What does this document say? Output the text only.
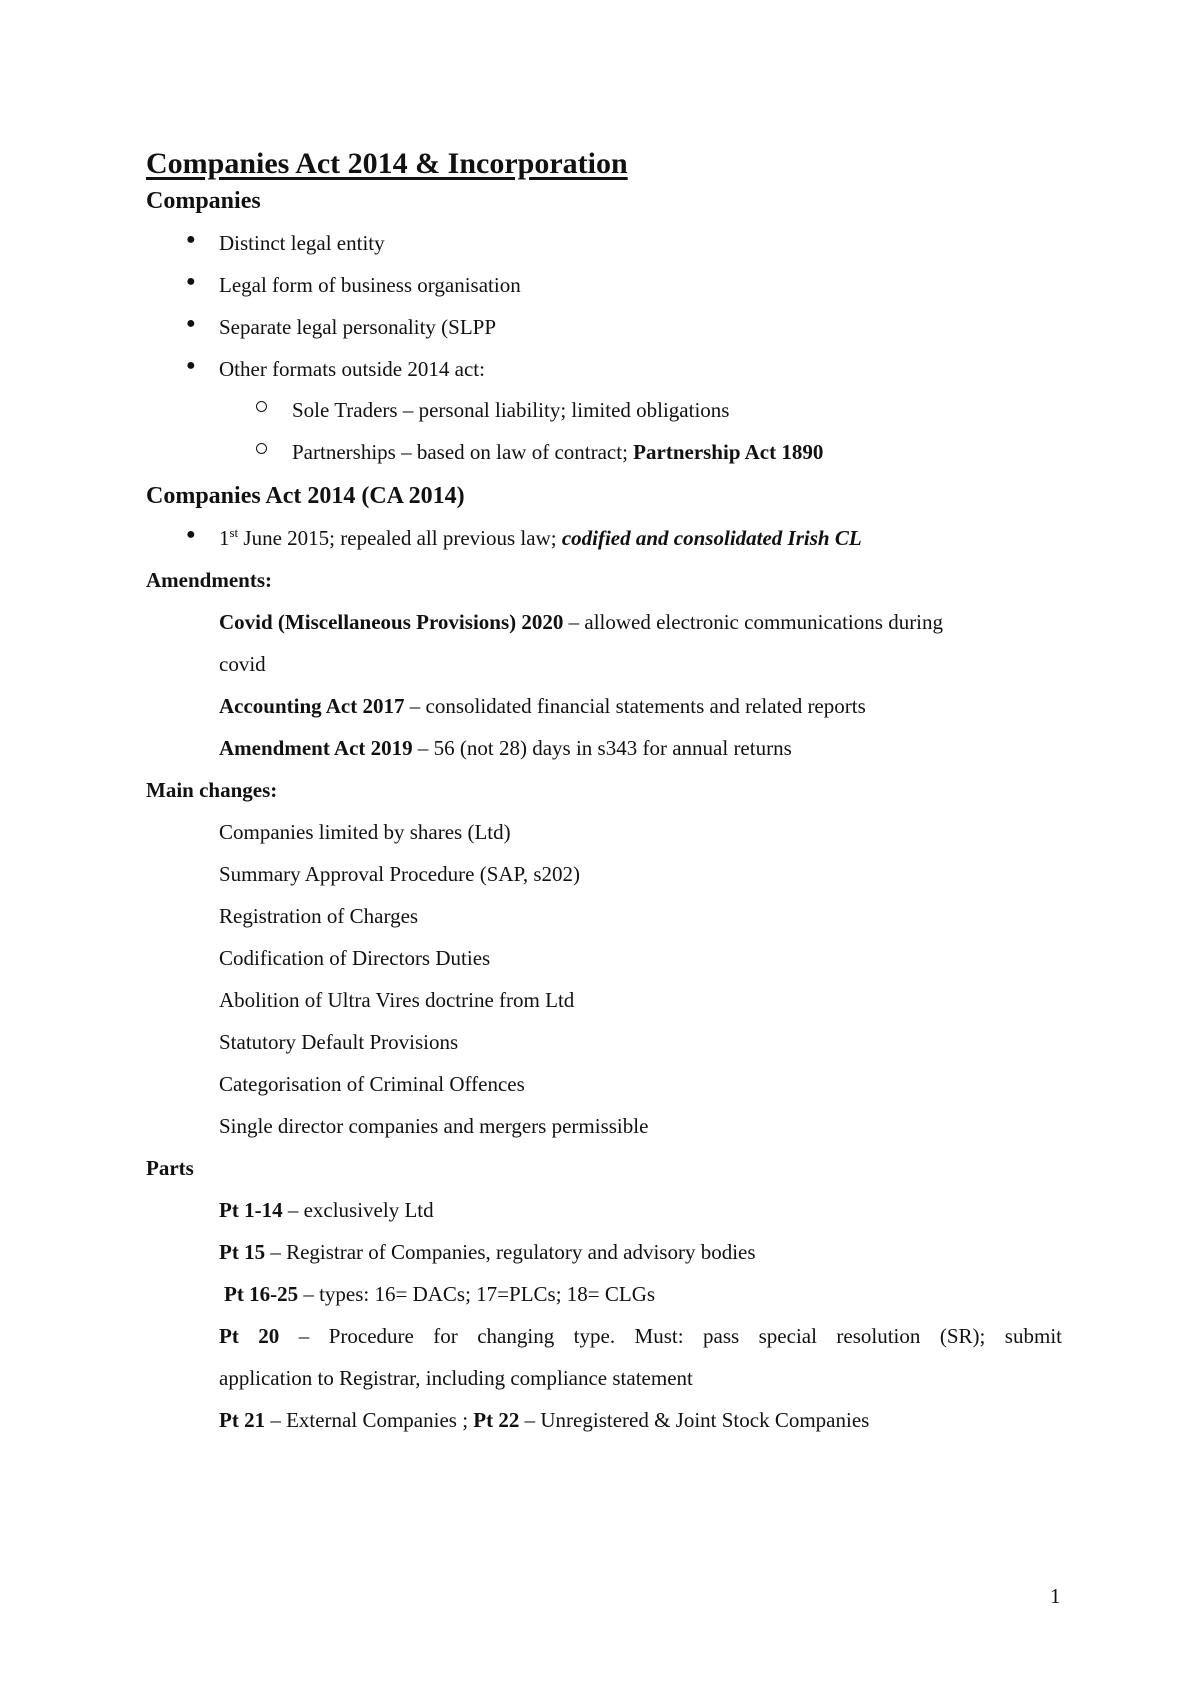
Companies Act 2014 & Incorporation
Companies
● Distinct legal entity
● Legal form of business organisation
● Separate legal personality (SLPP
● Other formats outside 2014 act:
Sole Traders – personal liability; limited obligations
Partnerships – based on law of contract; Partnership Act 1890
Companies Act 2014 (CA 2014)
● 1st June 2015; repealed all previous law; codified and consolidated Irish CL
Amendments:
Covid (Miscellaneous Provisions) 2020 – allowed electronic communications during
covid
Accounting Act 2017 – consolidated financial statements and related reports
Amendment Act 2019 – 56 (not 28) days in s343 for annual returns
Main changes:
Companies limited by shares (Ltd)
Summary Approval Procedure (SAP, s202)
Registration of Charges
Codification of Directors Duties
Abolition of Ultra Vires doctrine from Ltd
Statutory Default Provisions
Categorisation of Criminal Offences
Single director companies and mergers permissible
Parts
Pt 1-14 – exclusively Ltd
Pt 15 – Registrar of Companies, regulatory and advisory bodies
Pt 16-25 – types: 16= DACs; 17=PLCs; 18= CLGs
Pt 20 – Procedure for changing type. Must: pass special resolution (SR); submit
application to Registrar, including compliance statement
Pt 21 – External Companies ; Pt 22 – Unregistered & Joint Stock Companies
1
